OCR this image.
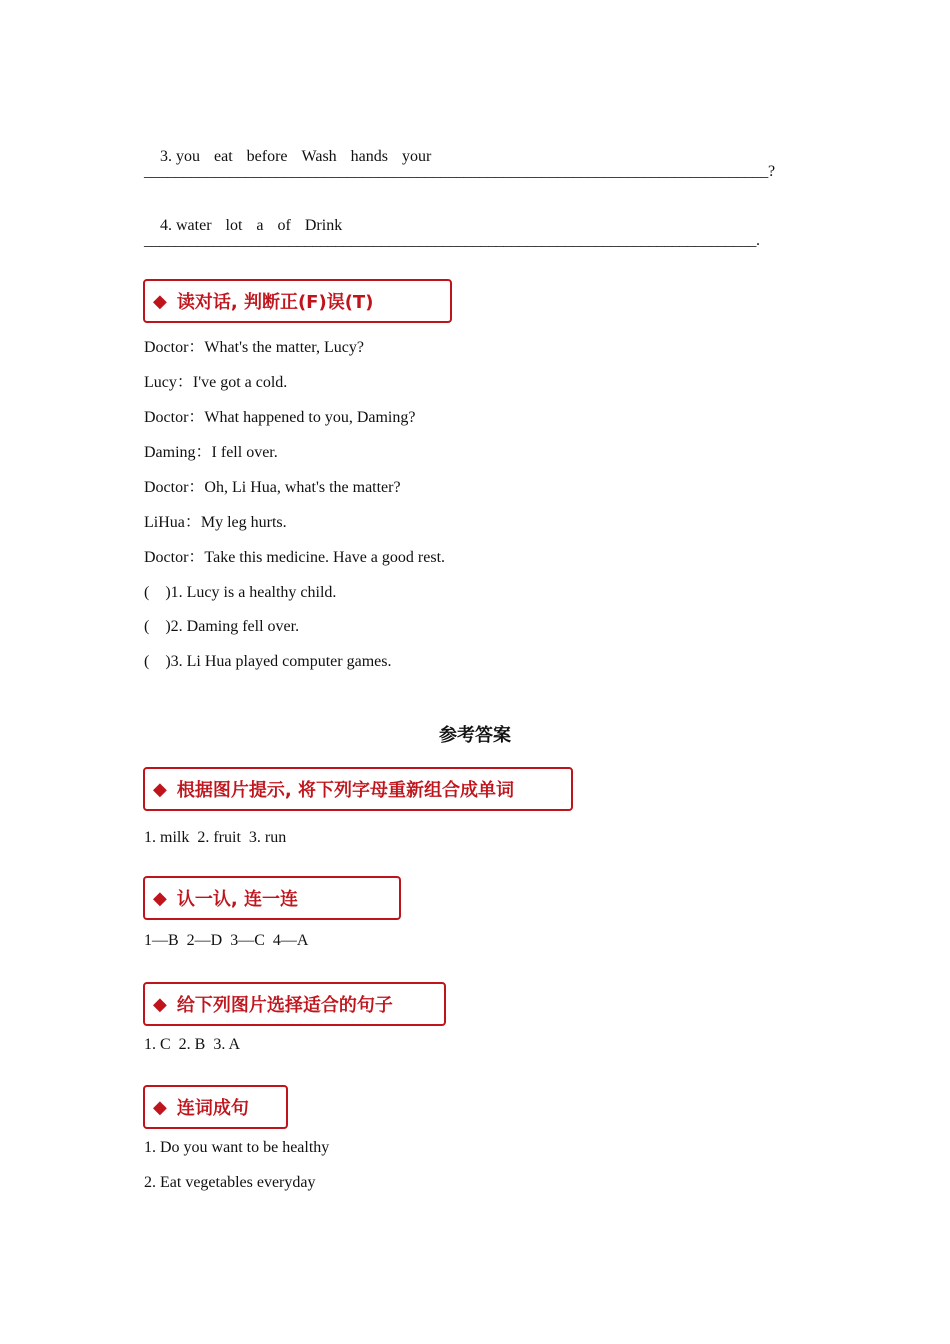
3. you eat before Wash hands your

________________________________________________________________________________?

4. water lot a of Drink

________________________________________________________________________________.
◆ 读对话, 判断正(F)误(T)
Doctor：What's the matter, Lucy?
Lucy：I've got a cold.
Doctor：What happened to you, Daming?
Daming：I fell over.
Doctor：Oh, Li Hua, what's the matter?
LiHua：My leg hurts.
Doctor：Take this medicine. Have a good rest.
(    )1. Lucy is a healthy child.
(    )2. Daming fell over.
(    )3. Li Hua played computer games.
参考答案
◆ 根据图片提示, 将下列字母重新组合成单词
1. milk  2. fruit  3. run
◆ 认一认, 连一连
1—B  2—D  3—C  4—A
◆ 给下列图片选择适合的句子
1. C  2. B  3. A
◆ 连词成句
1. Do you want to be healthy
2. Eat vegetables everyday
